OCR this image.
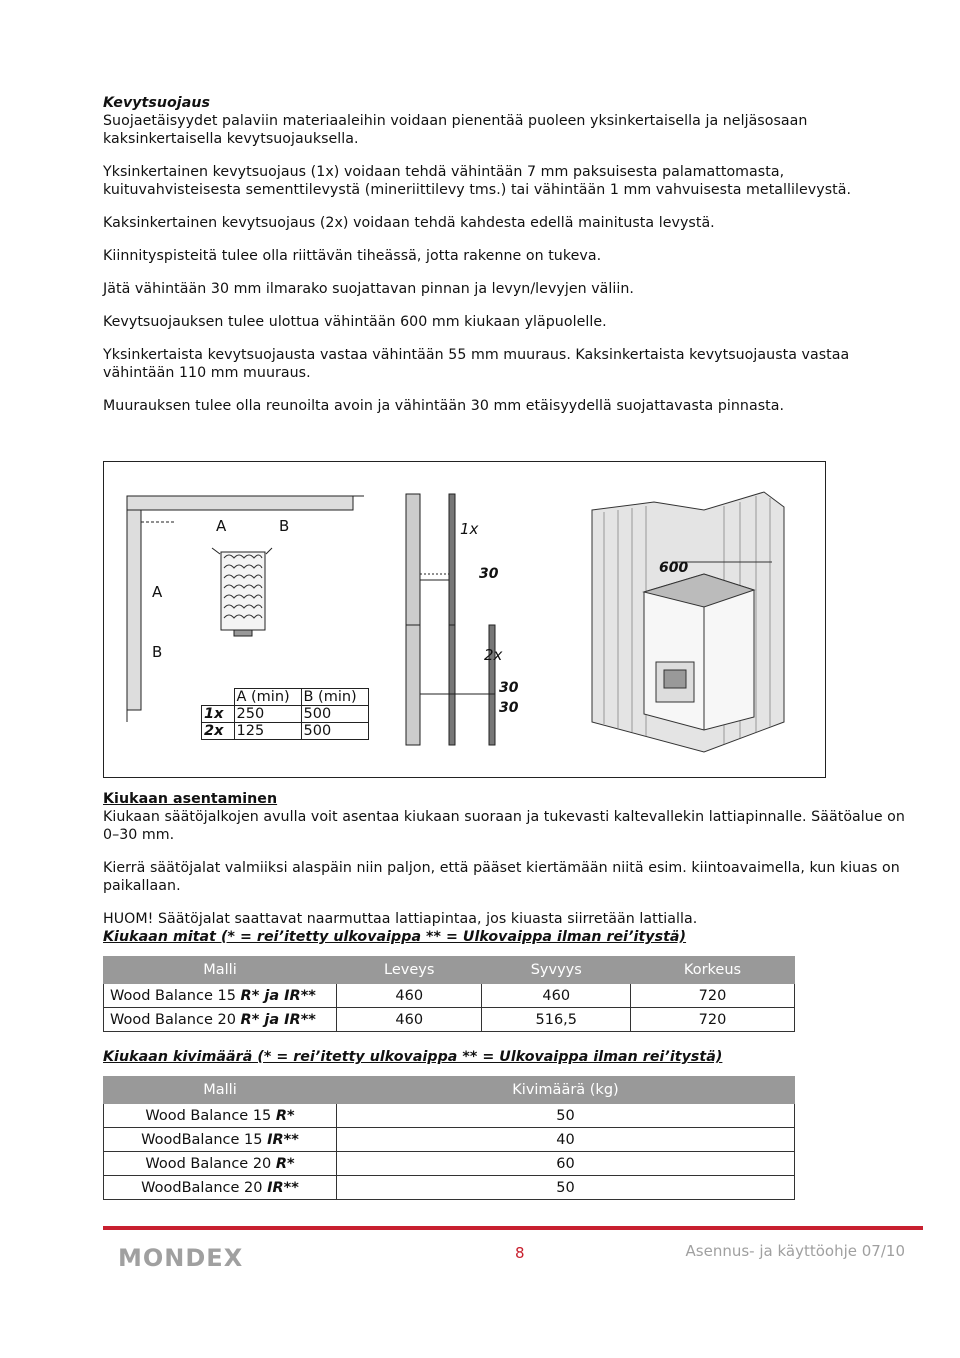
Kevytsuojaus
Suojaetäisyydet palaviin materiaaleihin voidaan pienentää puoleen yksinkertaisella ja neljäsosaan kaksinkertaisella kevytsuojauksella.
Yksinkertainen kevytsuojaus (1x) voidaan tehdä vähintään 7 mm paksuisesta palamattomasta, kuituvahvisteisesta sementtilevystä (mineriittilevy tms.) tai vähintään 1 mm vahvuisesta metallilevystä.
Kaksinkertainen kevytsuojaus (2x) voidaan tehdä kahdesta edellä mainitusta levystä.
Kiinnityspisteitä tulee olla riittävän tiheässä, jotta rakenne on tukeva.
Jätä vähintään 30 mm ilmarako suojattavan pinnan ja levyn/levyjen väliin.
Kevytsuojauksen tulee ulottua vähintään 600 mm kiukaan yläpuolelle.
Yksinkertaista kevytsuojausta vastaa vähintään 55 mm muuraus. Kaksinkertaista kevytsuojausta vastaa vähintään 110 mm muuraus.
Muurauksen tulee olla reunoilta avoin ja vähintään 30 mm etäisyydellä suojattavasta pinnasta.
A	B
A
B
1x
30
2x
30
30
600
	A (min)	B (min)
1x	250	500
2x	125	500
Kiukaan asentaminen
Kiukaan säätöjalkojen avulla voit asentaa kiukaan suoraan ja tukevasti kaltevallekin lattiapinnalle. Säätöalue on 0–30 mm.
Kierrä säätöjalat valmiiksi alaspäin niin paljon, että pääset kiertämään niitä esim. kiintoavaimella, kun kiuas on paikallaan.
HUOM! Säätöjalat saattavat naarmuttaa lattiapintaa, jos kiuasta siirretään lattialla.
Kiukaan mitat (* = rei’itetty ulkovaippa ** = Ulkovaippa ilman rei’itystä)
Malli	Leveys	Syvyys	Korkeus
Wood Balance 15 R* ja IR**	460	460	720
Wood Balance 20 R* ja IR**	460	516,5	720
Kiukaan kivimäärä (* = rei’itetty ulkovaippa ** = Ulkovaippa ilman rei’itystä)
Malli	Kivimäärä (kg)
Wood Balance 15 R*	50
WoodBalance 15 IR**	40
Wood Balance 20 R*	60
WoodBalance 20 IR**	50
MONDEX	8	Asennus- ja käyttöohje 07/10
